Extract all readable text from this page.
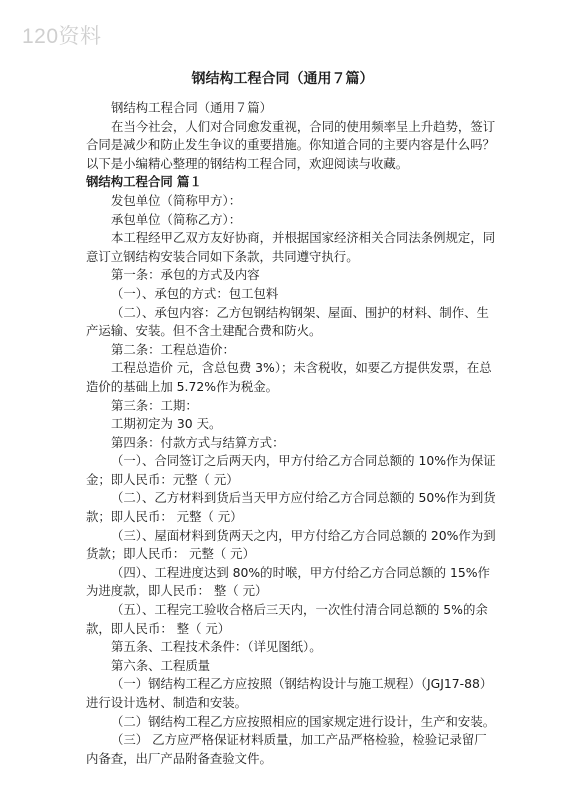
120资料
钢结构工程合同（通用７篇）

钢结构工程合同（通用７篇）

在当今社会，人们对合同愈发重视，合同的使用频率呈上升趋势，签订合同是减少和防止发生争议的重要措施。你知道合同的主要内容是什么吗？以下是小编精心整理的钢结构工程合同，欢迎阅读与收藏。

钢结构工程合同 篇１

发包单位（简称甲方）：

承包单位（简称乙方）：

本工程经甲乙双方友好协商，并根据国家经济相关合同法条例规定，同意订立钢结构安装合同如下条款，共同遵守执行。

第一条：承包的方式及内容

（一）、承包的方式：包工包料

（二）、承包内容：乙方包钢结构钢架、屋面、围护的材料、制作、生产运输、安装。但不含土建配合费和防火。

第二条：工程总造价：

工程总造价 元，含总包费 3%）；未含税收，如要乙方提供发票，在总造价的基础上加 5.72%作为税金。

第三条：工期：

工期初定为 30 天。

第四条：付款方式与结算方式：

（一）、合同签订之后两天内，甲方付给乙方合同总额的 10%作为保证金；即人民币：元整（ 元）

（二）、乙方材料到货后当天甲方应付给乙方合同总额的 50%作为到货款；即人民币： 元整（ 元）

（三）、屋面材料到货两天之内，甲方付给乙方合同总额的 20%作为到货款；即人民币： 元整（ 元）

（四）、工程进度达到 80%的时喉，甲方付给乙方合同总额的 15%作为进度款，即人民币： 整（ 元）

（五）、工程完工验收合格后三天内，一次性付清合同总额的 5%的余款，即人民币： 整（ 元）

第五条、工程技术条件：（详见图纸）。

第六条、工程质量

（一）钢结构工程乙方应按照（钢结构设计与施工规程）（JGJ17-88）进行设计选材、制造和安装。

（二）钢结构工程乙方应按照相应的国家规定进行设计，生产和安装。

（三） 乙方应严格保证材料质量，加工产品严格检验，检验记录留厂内备查，出厂产品附备查验文件。
